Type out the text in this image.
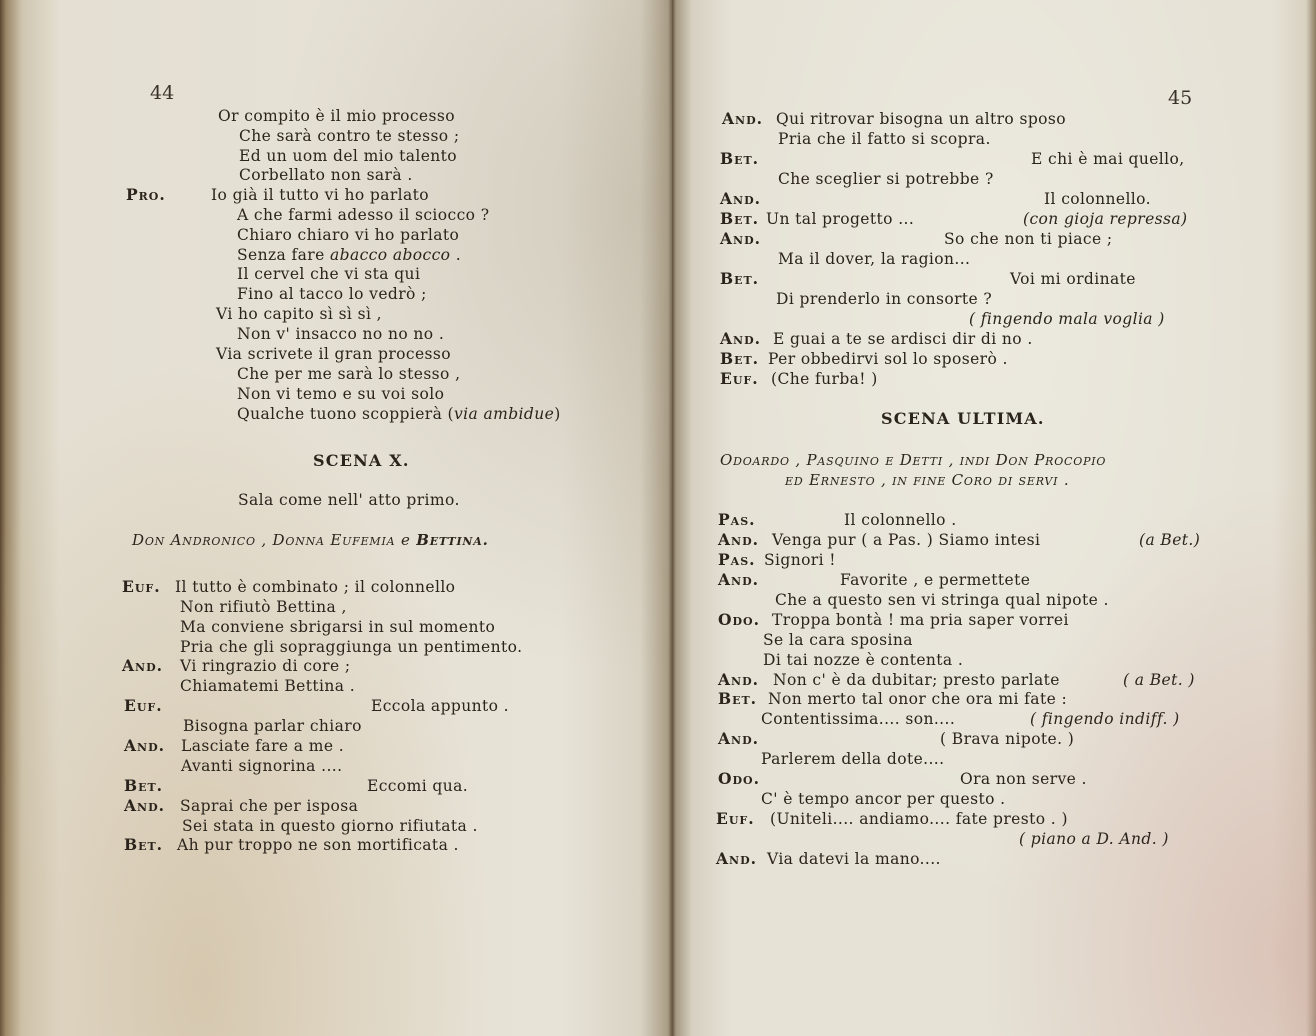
44
Or compito è il mio processo
Che sarà contro te stesso ;
Ed un uom del mio talento
Corbellato non sarà .
Pro.	Io già il tutto vi ho parlato
A che farmi adesso il sciocco ?
Chiaro chiaro vi ho parlato
Senza fare abacco abocco .
Il cervel che vi sta qui
Fino al tacco lo vedrò ;
Vi ho capito sì sì sì ,
Non v' insacco no no no .
Via scrivete il gran processo
Che per me sarà lo stesso ,
Non vi temo e su voi solo
Qualche tuono scoppierà (via ambidue)
SCENA X.
Sala come nell' atto primo.
Don Andronico , Donna Eufemia e Bettina.
Euf. Il tutto è combinato ; il colonnello
Non rifiutò Bettina ,
Ma conviene sbrigarsi in sul momento
Pria che gli sopraggiunga un pentimento.
And. Vi ringrazio di core ;
Chiamatemi Bettina .
Euf.	Eccola appunto .
Bisogna parlar chiaro
And. Lasciate fare a me .
Avanti signorina ....
Bet.	Eccomi qua.
And. Saprai che per isposa
Sei stata in questo giorno rifiutata .
Bet. Ah pur troppo ne son mortificata .
45
And. Qui ritrovar bisogna un altro sposo
Pria che il fatto si scopra.
Bet.	E chi è mai quello,
Che sceglier si potrebbe ?
And.	Il colonnello.
Bet. Un tal progetto ...	(con gioja repressa)
And.	So che non ti piace ;
Ma il dover, la ragion...
Bet.	Voi mi ordinate
Di prenderlo in consorte ?
( fingendo mala voglia )
And. E guai a te se ardisci dir di no .
Bet. Per obbedirvi sol lo sposerò .
Euf. (Che furba! )
SCENA ULTIMA.
Odoardo , Pasquino e Detti , indi Don Procopio
ed Ernesto , in fine Coro di servi .
Pas.	Il colonnello .
And. Venga pur ( a Pas. ) Siamo intesi	(a Bet.)
Pas. Signori !
And.	Favorite , e permettete
Che a questo sen vi stringa qual nipote .
Odo. Troppa bontà ! ma pria saper vorrei
Se la cara sposina
Di tai nozze è contenta .
And. Non c' è da dubitar; presto parlate	( a Bet. )
Bet. Non merto tal onor che ora mi fate :
Contentissima.... son....	( fingendo indiff. )
And.	( Brava nipote. )
Parlerem della dote....
Odo.	Ora non serve .
C' è tempo ancor per questo .
Euf. (Uniteli.... andiamo.... fate presto . )
( piano a D. And. )
And. Via datevi la mano....
